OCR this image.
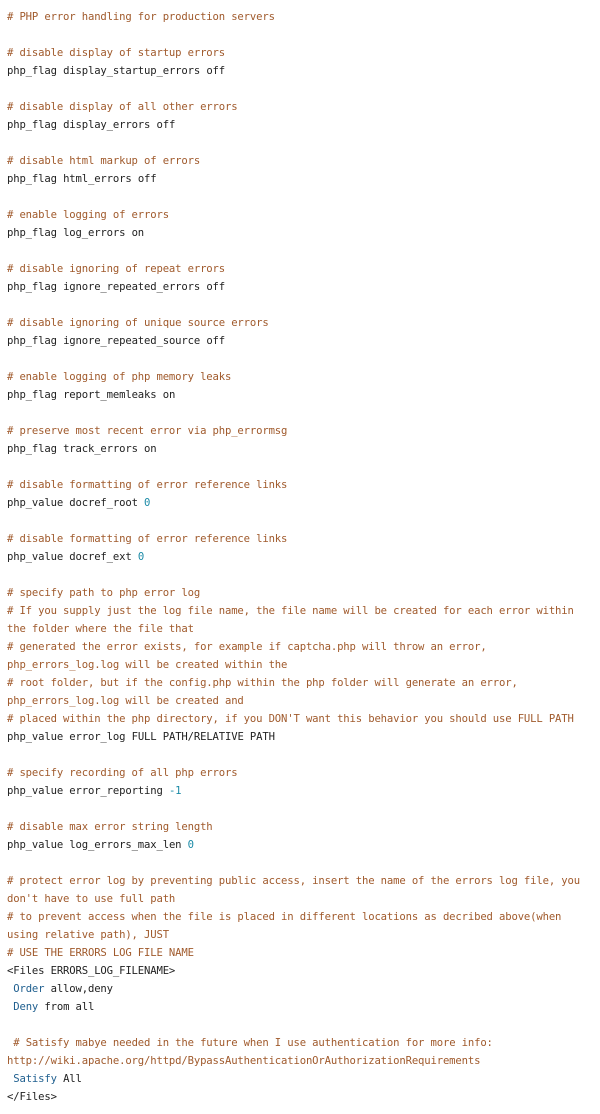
# PHP error handling for production servers

# disable display of startup errors
php_flag display_startup_errors off

# disable display of all other errors
php_flag display_errors off

# disable html markup of errors
php_flag html_errors off

# enable logging of errors
php_flag log_errors on

# disable ignoring of repeat errors
php_flag ignore_repeated_errors off

# disable ignoring of unique source errors
php_flag ignore_repeated_source off

# enable logging of php memory leaks
php_flag report_memleaks on

# preserve most recent error via php_errormsg
php_flag track_errors on

# disable formatting of error reference links
php_value docref_root 0

# disable formatting of error reference links
php_value docref_ext 0

# specify path to php error log
# If you supply just the log file name, the file name will be created for each error within the folder where the file that
# generated the error exists, for example if captcha.php will throw an error, php_errors_log.log will be created within the
# root folder, but if the config.php within the php folder will generate an error, php_errors_log.log will be created and
# placed within the php directory, if you DON'T want this behavior you should use FULL PATH
php_value error_log FULL PATH/RELATIVE PATH

# specify recording of all php errors
php_value error_reporting -1

# disable max error string length
php_value log_errors_max_len 0

# protect error log by preventing public access, insert the name of the errors log file, you don't have to use full path
# to prevent access when the file is placed in different locations as decribed above(when using relative path), JUST
# USE THE ERRORS LOG FILE NAME
<Files ERRORS_LOG_FILENAME>
Order allow,deny
Deny from all

# Satisfy mabye needed in the future when I use authentication for more info: http://wiki.apache.org/httpd/BypassAuthenticationOrAuthorizationRequirements
Satisfy All
</Files>
